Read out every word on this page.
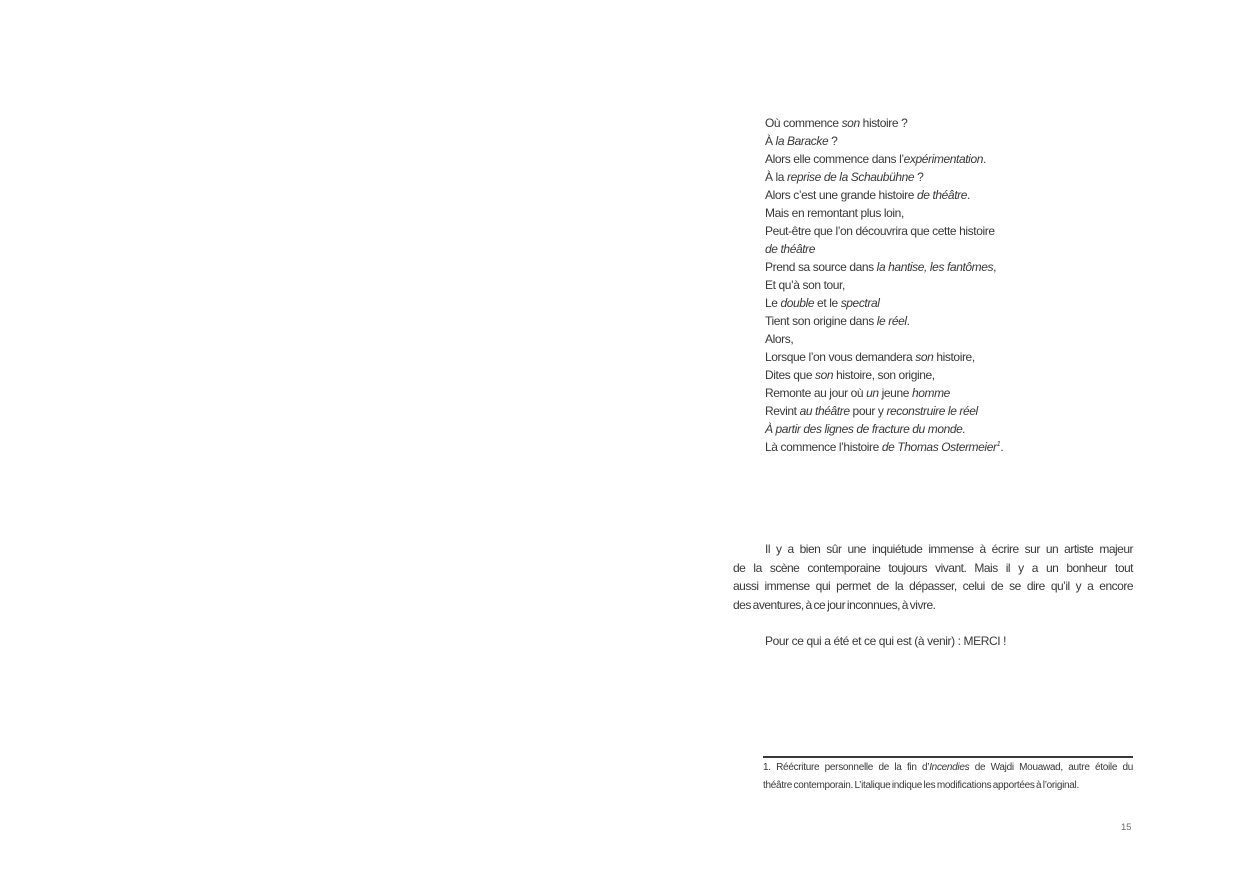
Où commence son histoire ?
À la Baracke ?
Alors elle commence dans l’expérimentation.
À la reprise de la Schaubühne ?
Alors c’est une grande histoire de théâtre.
Mais en remontant plus loin,
Peut-être que l’on découvrira que cette histoire
de théâtre
Prend sa source dans la hantise, les fantômes,
Et qu’à son tour,
Le double et le spectral
Tient son origine dans le réel.
Alors,
Lorsque l’on vous demandera son histoire,
Dites que son histoire, son origine,
Remonte au jour où un jeune homme
Revint au théâtre pour y reconstruire le réel
À partir des lignes de fracture du monde.
Là commence l’histoire de Thomas Ostermeier$^1$.
Il y a bien sûr une inquiétude immense à écrire sur un artiste majeur
de la scène contemporaine toujours vivant. Mais il y a un bonheur tout
aussi immense qui permet de la dépasser, celui de se dire qu’il y a encore
des aventures, à ce jour inconnues, à vivre.
Pour ce qui a été et ce qui est (à venir) : MERCI !
1. Réécriture personnelle de la fin d’Incendies de Wajdi Mouawad, autre étoile du
théâtre contemporain. L’italique indique les modifications apportées à l’original.
15
